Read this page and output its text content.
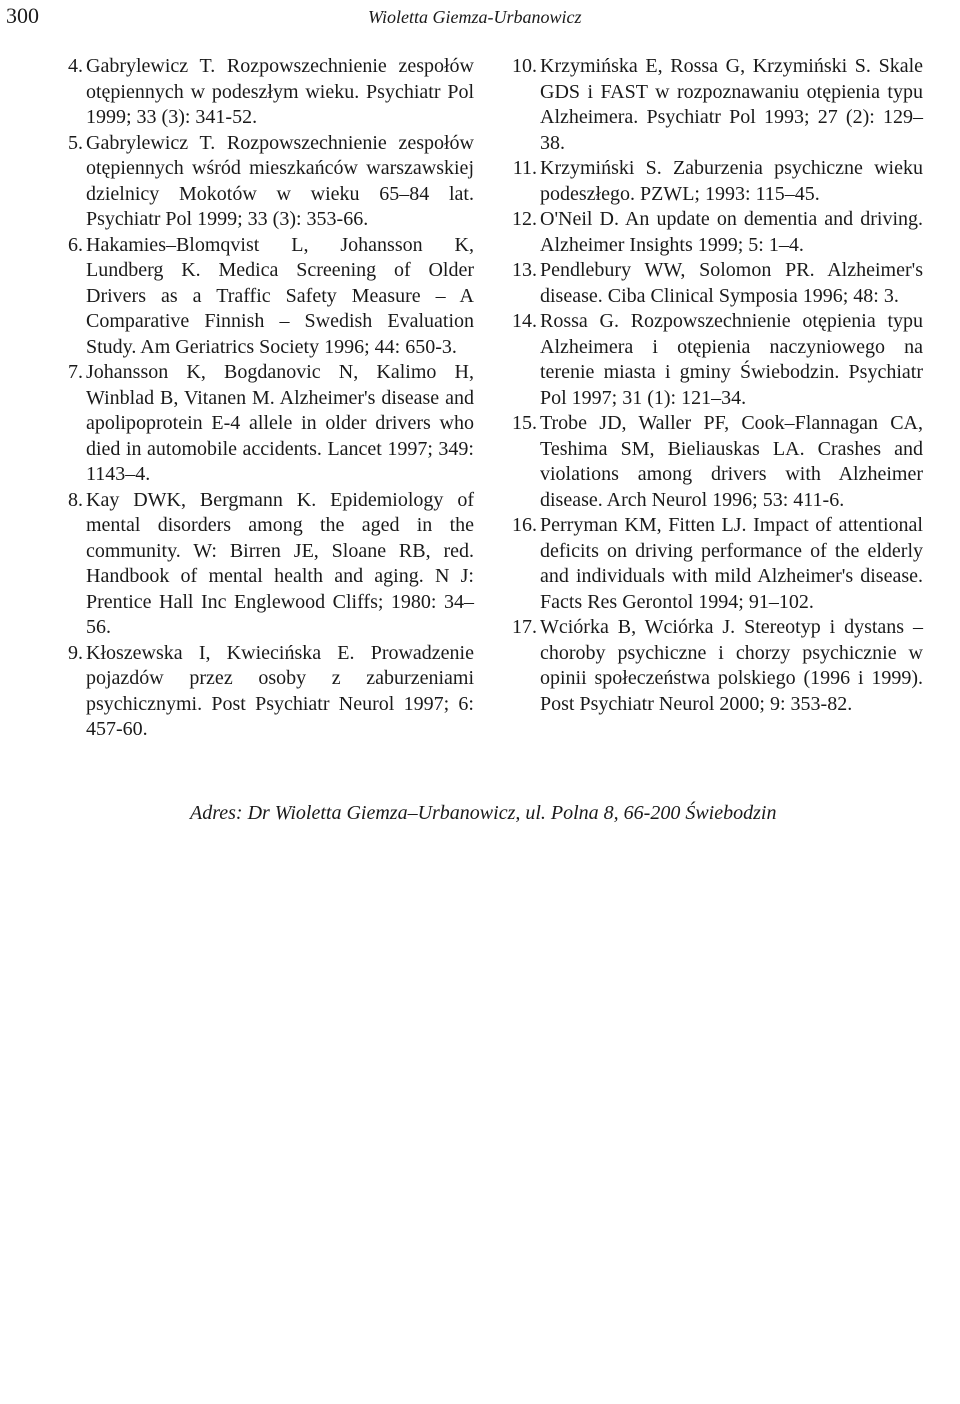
300	Wioletta Giemza-Urbanowicz
4. Gabrylewicz T. Rozpowszechnienie zespołów otępiennych w podeszłym wieku. Psychiatr Pol 1999; 33 (3): 341-52.
5. Gabrylewicz T. Rozpowszechnienie zespołów otępiennych wśród mieszkańców warszawskiej dzielnicy Mokotów w wieku 65–84 lat. Psychiatr Pol 1999; 33 (3): 353-66.
6. Hakamies–Blomqvist L, Johansson K, Lundberg K. Medica Screening of Older Drivers as a Traffic Safety Measure – A Comparative Finnish – Swedish Evaluation Study. Am Geriatrics Society 1996; 44: 650-3.
7. Johansson K, Bogdanovic N, Kalimo H, Winblad B, Vitanen M. Alzheimer's disease and apolipoprotein E-4 allele in older drivers who died in automobile accidents. Lancet 1997; 349: 1143–4.
8. Kay DWK, Bergmann K. Epidemiology of mental disorders among the aged in the community. W: Birren JE, Sloane RB, red. Handbook of mental health and aging. N J: Prentice Hall Inc Englewood Cliffs; 1980: 34–56.
9. Kłoszewska I, Kwiecińska E. Prowadzenie pojazdów przez osoby z zaburzeniami psychicznymi. Post Psychiatr Neurol 1997; 6: 457-60.
10. Krzymińska E, Rossa G, Krzymiński S. Skale GDS i FAST w rozpoznawaniu otępienia typu Alzheimera. Psychiatr Pol 1993; 27 (2): 129–38.
11. Krzymiński S. Zaburzenia psychiczne wieku podeszłego. PZWL; 1993: 115–45.
12. O'Neil D. An update on dementia and driving. Alzheimer Insights 1999; 5: 1–4.
13. Pendlebury WW, Solomon PR. Alzheimer's disease. Ciba Clinical Symposia 1996; 48: 3.
14. Rossa G. Rozpowszechnienie otępienia typu Alzheimera i otępienia naczyniowego na terenie miasta i gminy Świebodzin. Psychiatr Pol 1997; 31 (1): 121–34.
15. Trobe JD, Waller PF, Cook–Flannagan CA, Teshima SM, Bieliauskas LA. Crashes and violations among drivers with Alzheimer disease. Arch Neurol 1996; 53: 411-6.
16. Perryman KM, Fitten LJ. Impact of attentional deficits on driving performance of the elderly and individuals with mild Alzheimer's disease. Facts Res Gerontol 1994; 91–102.
17. Wciórka B, Wciórka J. Stereotyp i dystans – choroby psychiczne i chorzy psychicznie w opinii społeczeństwa polskiego (1996 i 1999). Post Psychiatr Neurol 2000; 9: 353-82.
Adres: Dr Wioletta Giemza–Urbanowicz, ul. Polna 8, 66-200 Świebodzin
